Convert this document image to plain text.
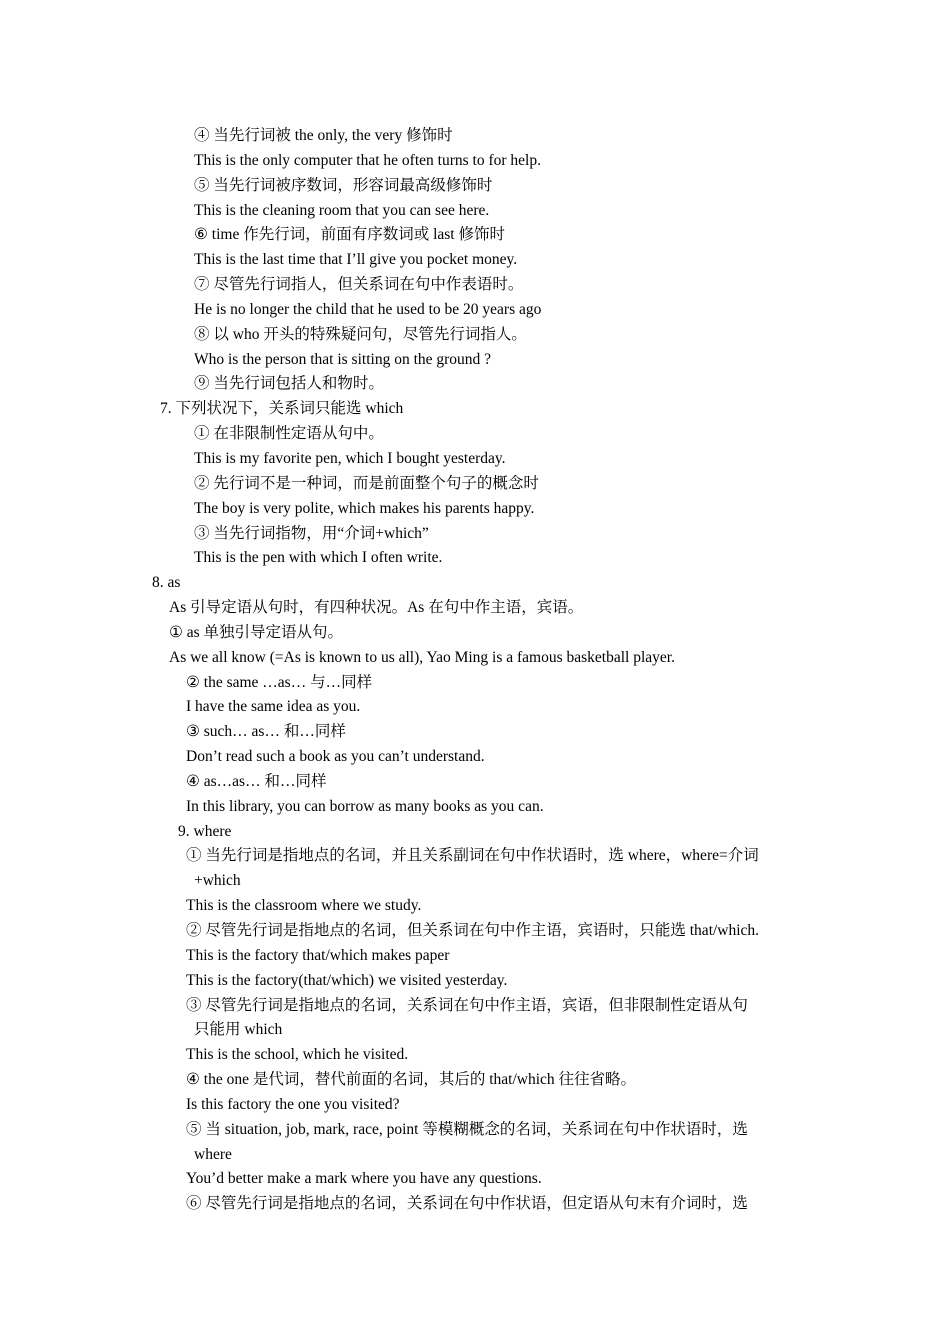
④ 当先行词被 the only, the very 修饰时
This is the only computer that he often turns to for help.
⑤ 当先行词被序数词，形容词最高级修饰时
This is the cleaning room that you can see here.
⑥ time 作先行词，前面有序数词或 last 修饰时
This is the last time that I’ll give you pocket money.
⑦ 尽管先行词指人，但关系词在句中作表语时。
He is no longer the child that he used to be 20 years ago
⑧ 以 who 开头的特殊疑问句，尽管先行词指人。
Who is the person that is sitting on the ground ?
⑨ 当先行词包括人和物时。
7. 下列状况下，关系词只能选 which
① 在非限制性定语从句中。
This is my favorite pen, which I bought yesterday.
② 先行词不是一种词，而是前面整个句子的概念时
The boy is very polite, which makes his parents happy.
③ 当先行词指物，用“介词+which”
This is the pen with which I often write.
8. as
As 引导定语从句时，有四种状况。As 在句中作主语，宾语。
① as 单独引导定语从句。
As we all know (=As is known to us all), Yao Ming is a famous basketball player.
② the same …as… 与…同样
I have the same idea as you.
③ such… as… 和…同样
Don’t read such a book as you can’t understand.
④ as…as… 和…同样
In this library, you can borrow as many books as you can.
9. where
① 当先行词是指地点的名词，并且关系副词在句中作状语时，选 where，where=介词
+which
This is the classroom where we study.
② 尽管先行词是指地点的名词，但关系词在句中作主语，宾语时，只能选 that/which.
This is the factory that/which makes paper
This is the factory(that/which) we visited yesterday.
③ 尽管先行词是指地点的名词，关系词在句中作主语，宾语，但非限制性定语从句
只能用 which
This is the school, which he visited.
④ the one 是代词，替代前面的名词，其后的 that/which 往往省略。
Is this factory the one you visited?
⑤ 当 situation, job, mark, race, point 等模糊概念的名词，关系词在句中作状语时，选
where
You’d better make a mark where you have any questions.
⑥ 尽管先行词是指地点的名词，关系词在句中作状语，但定语从句末有介词时，选
